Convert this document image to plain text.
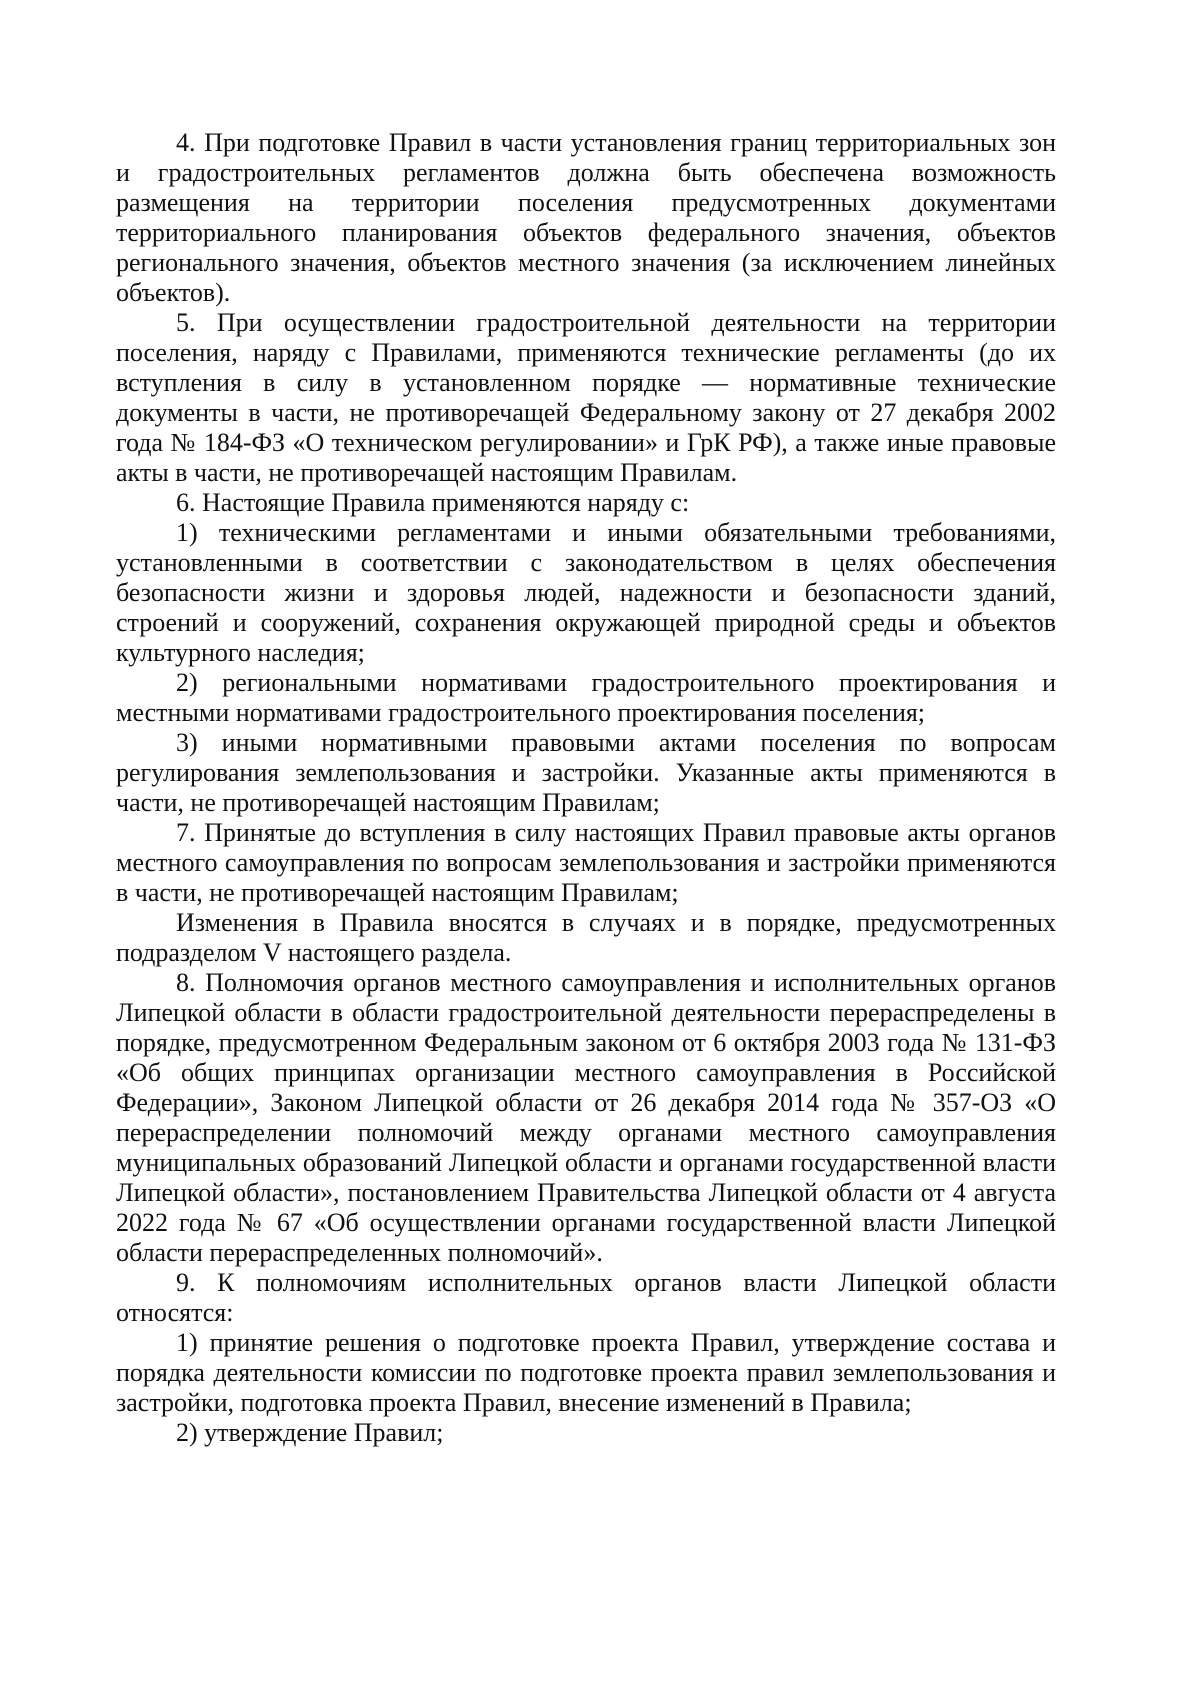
4. При подготовке Правил в части установления границ территориальных зон и градостроительных регламентов должна быть обеспечена возможность размещения на территории поселения предусмотренных документами территориального планирования объектов федерального значения, объектов регионального значения, объектов местного значения (за исключением линейных объектов).

5. При осуществлении градостроительной деятельности на территории поселения, наряду с Правилами, применяются технические регламенты (до их вступления в силу в установленном порядке — нормативные технические документы в части, не противоречащей Федеральному закону от 27 декабря 2002 года № 184-ФЗ «О техническом регулировании» и ГрК РФ), а также иные правовые акты в части, не противоречащей настоящим Правилам.

6. Настоящие Правила применяются наряду с:

1) техническими регламентами и иными обязательными требованиями, установленными в соответствии с законодательством в целях обеспечения безопасности жизни и здоровья людей, надежности и безопасности зданий, строений и сооружений, сохранения окружающей природной среды и объектов культурного наследия;

2) региональными нормативами градостроительного проектирования и местными нормативами градостроительного проектирования поселения;

3) иными нормативными правовыми актами поселения по вопросам регулирования землепользования и застройки. Указанные акты применяются в части, не противоречащей настоящим Правилам;

7. Принятые до вступления в силу настоящих Правил правовые акты органов местного самоуправления по вопросам землепользования и застройки применяются в части, не противоречащей настоящим Правилам;

Изменения в Правила вносятся в случаях и в порядке, предусмотренных подразделом V настоящего раздела.

8. Полномочия органов местного самоуправления и исполнительных органов Липецкой области в области градостроительной деятельности перераспределены в порядке, предусмотренном Федеральным законом от 6 октября 2003 года № 131-ФЗ «Об общих принципах организации местного самоуправления в Российской Федерации», Законом Липецкой области от 26 декабря 2014 года № 357-ОЗ «О перераспределении полномочий между органами местного самоуправления муниципальных образований Липецкой области и органами государственной власти Липецкой области», постановлением Правительства Липецкой области от 4 августа 2022 года № 67 «Об осуществлении органами государственной власти Липецкой области перераспределенных полномочий».

9. К полномочиям исполнительных органов власти Липецкой области относятся:

1) принятие решения о подготовке проекта Правил, утверждение состава и порядка деятельности комиссии по подготовке проекта правил землепользования и застройки, подготовка проекта Правил, внесение изменений в Правила;

2) утверждение Правил;
